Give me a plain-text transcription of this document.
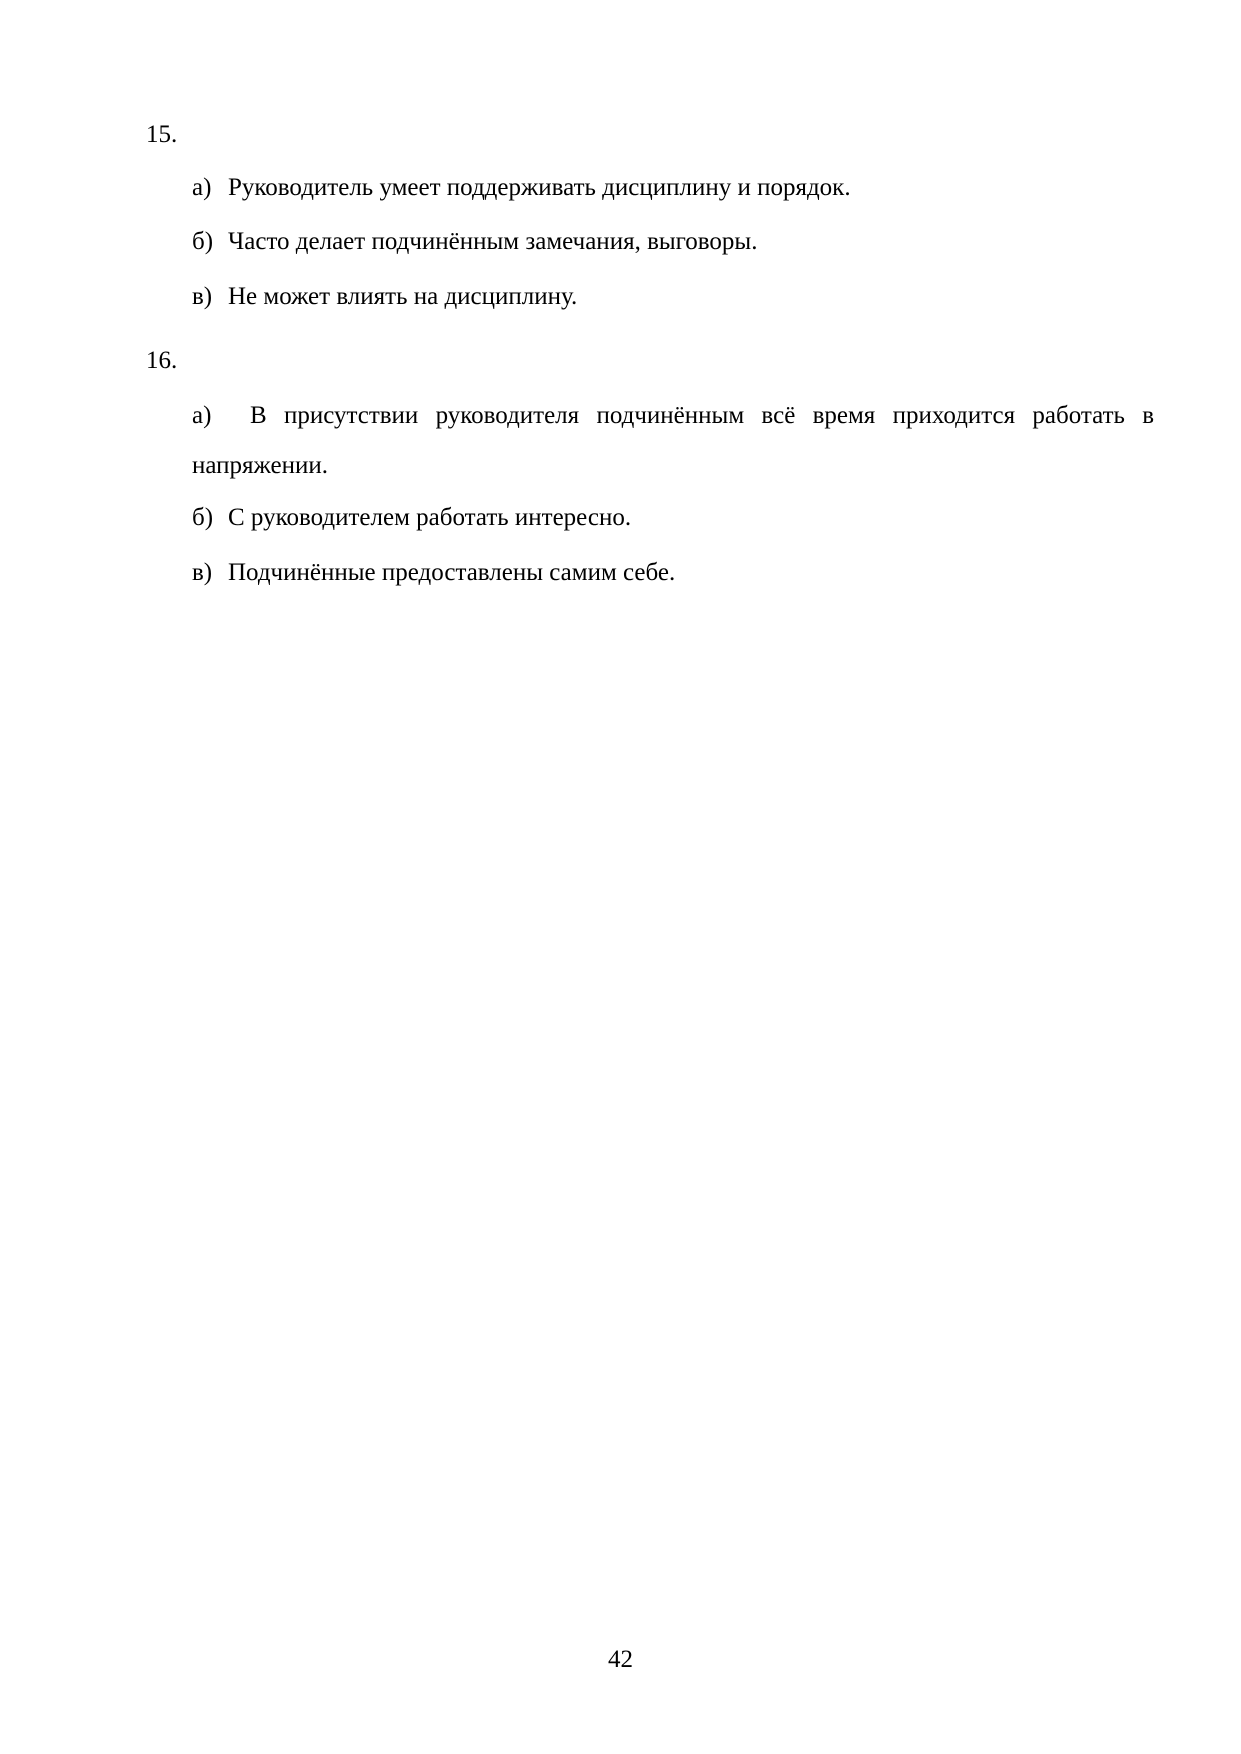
15.
а) Руководитель умеет поддерживать дисциплину и порядок.
б) Часто делает подчинённым замечания, выговоры.
в) Не может влиять на дисциплину.
16.
а) В присутствии руководителя подчинённым всё время приходится работать в напряжении.
б) С руководителем работать интересно.
в) Подчинённые предоставлены самим себе.
42
